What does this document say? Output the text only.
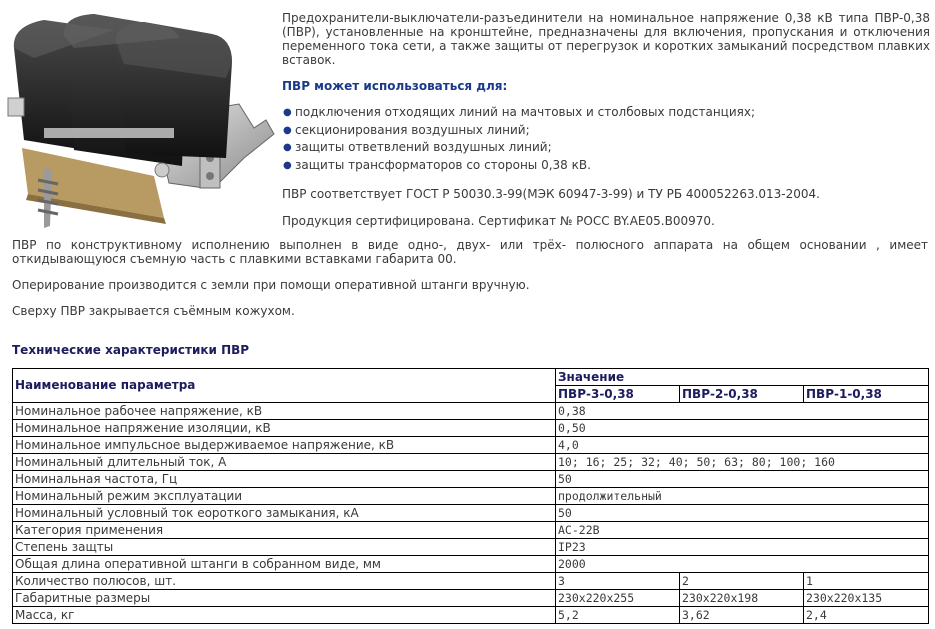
Предохранители-выключатели-разъединители на номинальное напряжение 0,38 кВ типа ПВР-0,38 (ПВР), установленные на кронштейне, предназначены для включения, пропускания и отключения переменного тока сети, а также защиты от перегрузок и коротких замыканий посредством плавких вставок.

ПВР может использоваться для:

● подключения отходящих линий на мачтовых и столбовых подстанциях;
● секционирования воздушных линий;
● защиты ответвлений воздушных линий;
● защиты трансформаторов со стороны 0,38 кВ.

ПВР соответствует ГОСТ Р 50030.3-99(МЭК 60947-3-99) и ТУ РБ 400052263.013-2004.

Продукция сертифицирована. Сертификат № РОСС BY.АЕ05.В00970.

ПВР по конструктивному исполнению выполнен в виде одно-, двух- или трёх- полюсного аппарата на общем основании , имеет откидывающуюся съемную часть с плавкими вставками габарита 00.

Оперирование производится с земли при помощи оперативной штанги вручную.

Сверху ПВР закрывается съёмным кожухом.

Технические характеристики ПВР
Наименование параметра	Значение		
	ПВР-3-0,38	ПВР-2-0,38	ПВР-1-0,38
Номинальное рабочее напряжение, кВ	0,38		
Номинальное напряжение изоляции, кВ	0,50		
Номинальное импульсное выдерживаемое напряжение, кВ	4,0		
Номинальный длительный ток, А	10; 16; 25; 32; 40; 50; 63; 80; 100; 160		
Номинальная частота, Гц	50		
Номинальный режим эксплуатации	продолжительный		
Номинальный условный ток еороткого замыкания, кА	50		
Категория применения	АС-22В		
Степень защты	IP23		
Общая длина оперативной штанги в собранном виде, мм	2000		
Количество полюсов, шт.	3	2	1
Габаритные размеры	230x220x255	230x220x198	230x220x135
Масса, кг	5,2	3,62	2,4
